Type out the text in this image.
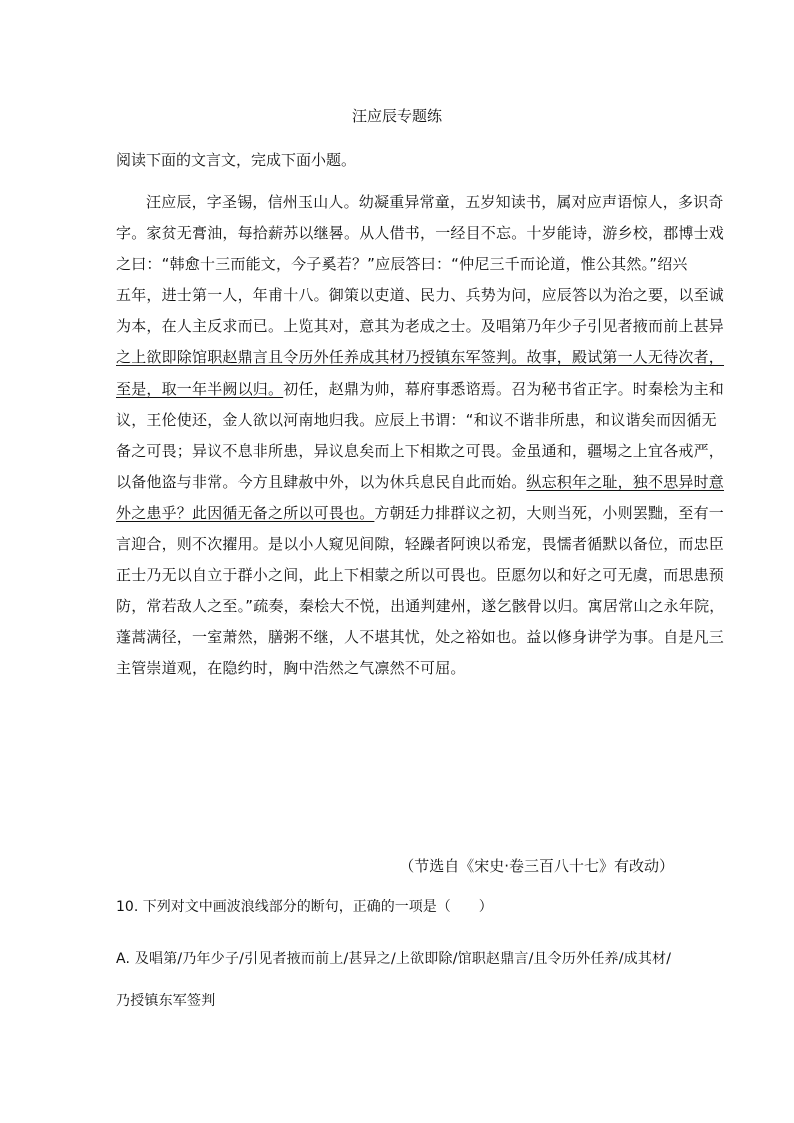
汪应辰专题练
阅读下面的文言文，完成下面小题。
汪应辰，字圣锡，信州玉山人。幼凝重异常童，五岁知读书，属对应声语惊人，多识奇
字。家贫无膏油，每拾薪苏以继晷。从人借书，一经目不忘。十岁能诗，游乡校，郡博士戏
之曰：“韩愈十三而能文，今子奚若？”应辰答曰：“仲尼三千而论道，惟公其然。”绍兴
五年，进士第一人，年甫十八。御策以吏道、民力、兵势为问，应辰答以为治之要，以至诚
为本，在人主反求而已。上览其对，意其为老成之士。及唱第乃年少子引见者掖而前上甚异
之上欲即除馆职赵鼎言且令历外任养成其材乃授镇东军签判。故事，殿试第一人无待次者，
至是，取一年半阙以归。初任，赵鼎为帅，幕府事悉谘焉。召为秘书省正字。时秦桧为主和
议，王伦使还，金人欲以河南地归我。应辰上书谓：“和议不谐非所患，和议谐矣而因循无
备之可畏；异议不息非所患，异议息矣而上下相欺之可畏。金虽通和，疆埸之上宜各戒严，
以备他盗与非常。今方且肆赦中外，以为休兵息民自此而始。纵忘积年之耻，独不思异时意
外之患乎？此因循无备之所以可畏也。方朝廷力排群议之初，大则当死，小则罢黜，至有一
言迎合，则不次擢用。是以小人窥见间隙，轻躁者阿谀以希宠，畏懦者循默以备位，而忠臣
正士乃无以自立于群小之间，此上下相蒙之所以可畏也。臣愿勿以和好之可无虞，而思患预
防，常若敌人之至。”疏奏，秦桧大不悦，出通判建州，遂乞骸骨以归。寓居常山之永年院，
蓬蒿满径，一室萧然，膳粥不继，人不堪其忧，处之裕如也。益以修身讲学为事。自是凡三
主管崇道观，在隐约时，胸中浩然之气凛然不可屈。
（节选自《宋史·卷三百八十七》有改动）
10. 下列对文中画波浪线部分的断句，正确的一项是（　　）
A. 及唱第/乃年少子/引见者掖而前上/甚异之/上欲即除/馆职赵鼎言/且令历外任养/成其材/
乃授镇东军签判
